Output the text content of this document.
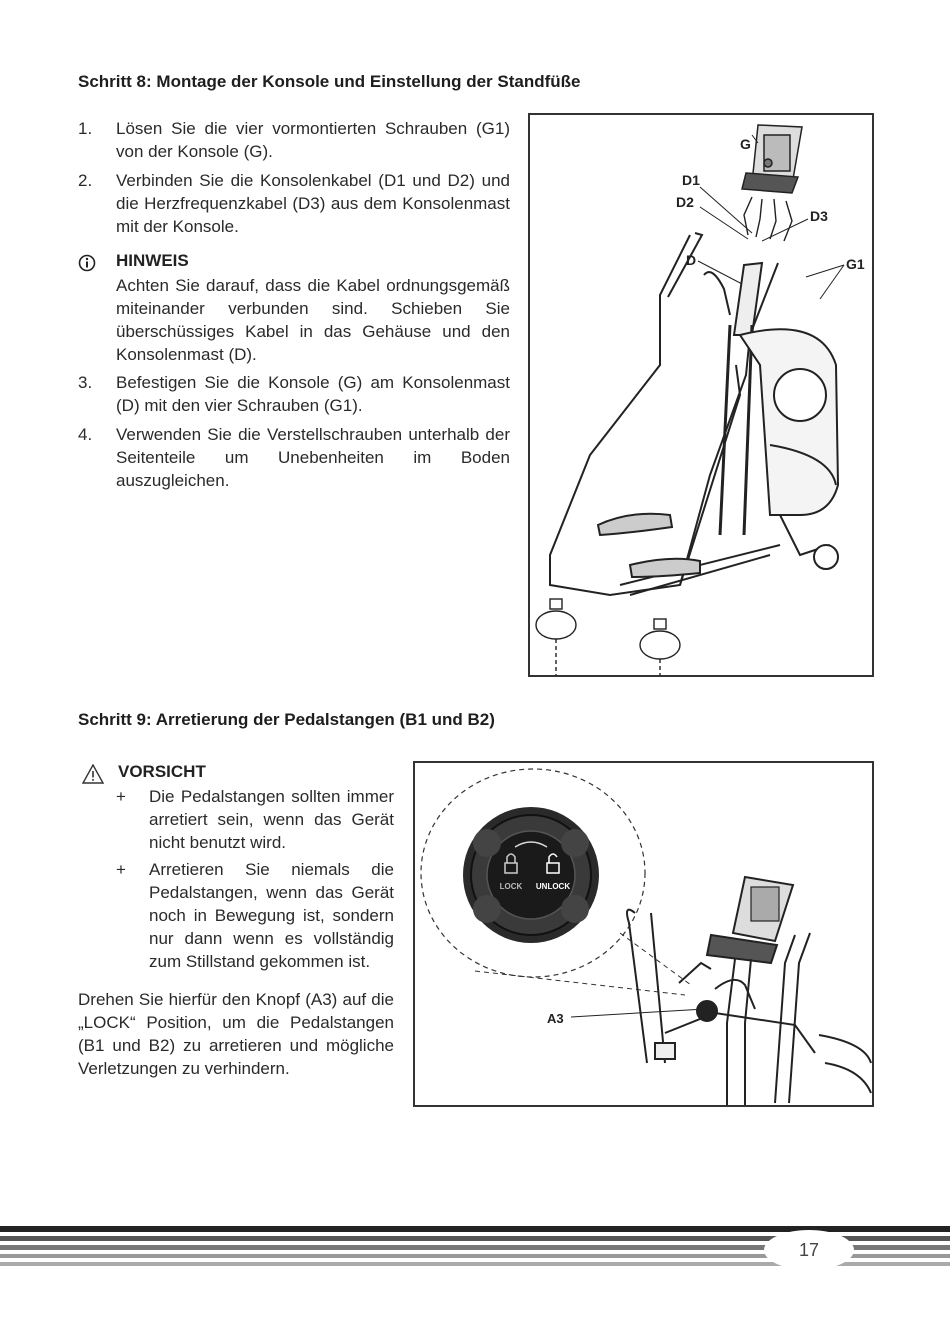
Schritt 8: Montage der Konsole und Einstellung der Standfüße
1. Lösen Sie die vier vormontierten Schrauben (G1) von der Konsole (G).
2. Verbinden Sie die Konsolenkabel (D1 und D2) und die Herzfrequenzkabel (D3) aus dem Konsolenmast mit der Konsole.
HINWEIS
Achten Sie darauf, dass die Kabel ordnungsgemäß miteinander verbunden sind. Schieben Sie überschüssiges Kabel in das Gehäuse und den Konsolenmast (D).
3. Befestigen Sie die Konsole (G) am Konsolenmast (D) mit den vier Schrauben (G1).
4. Verwenden Sie die Verstellschrauben unterhalb der Seitenteile um Unebenheiten im Boden auszugleichen.
G
D1
D2
D3
D	G1
Schritt 9: Arretierung der Pedalstangen (B1 und B2)
VORSICHT
+ Die Pedalstangen sollten immer arretiert sein, wenn das Gerät nicht benutzt wird.
+ Arretieren Sie niemals die Pedalstangen, wenn das Gerät noch in Bewegung ist, sondern nur dann wenn es vollständig zum Stillstand gekommen ist.
Drehen Sie hierfür den Knopf (A3) auf die „LOCK“ Position, um die Pedalstangen (B1 und B2) zu arretieren und mögliche Verletzungen zu verhindern.
LOCK UNLOCK
A3
17
